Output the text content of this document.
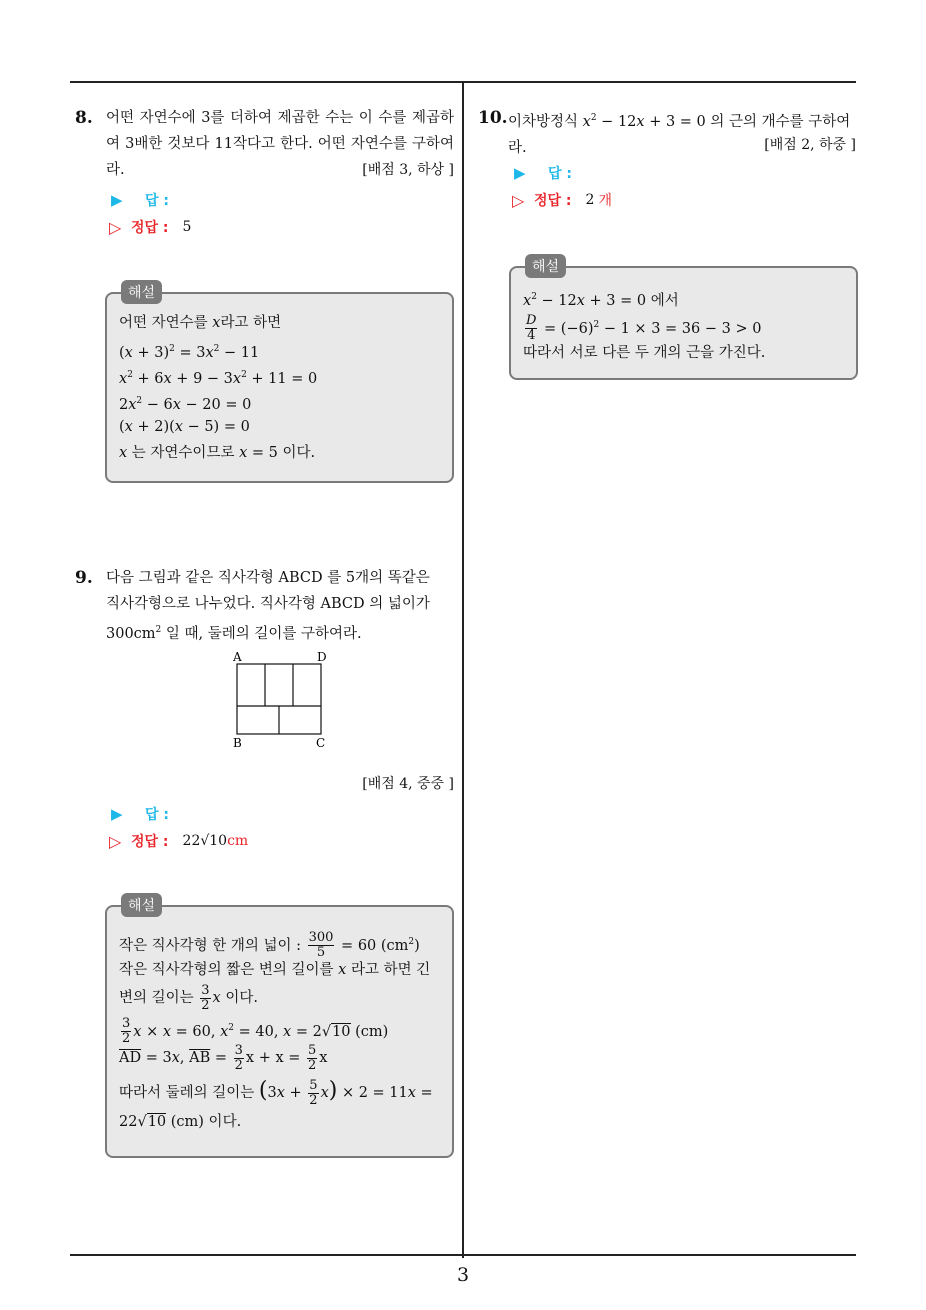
3
8. 어떤 자연수에 3를 더하여 제곱한 수는 이 수를 제곱하여 3배한 것보다 11작다고 한다. 어떤 자연수를 구하여라.	[배점 3, 하상 ]
▶	답 :
▷ 정답 : 5
해설
어떤 자연수를 x라고 하면
$(x + 3)^2 = 3x^2 - 11$
$x^2 + 6x + 9 - 3x^2 + 11 = 0$
$2x^2 - 6x - 20 = 0$
(x + 2)(x − 5) = 0
x 는 자연수이므로 x = 5 이다.
9. 다음 그림과 같은 직사각형 ABCD 를 5개의 똑같은
직사각형으로 나누었다. 직사각형 ABCD 의 넓이가
$300cm^2$ 일 때, 둘레의 길이를 구하여라.
A	D
B	C
[배점 4, 중중 ]
▶	답 :
▷ 정답 : 22√10 cm
해설
작은 직사각형 한 개의 넓이 : $\frac{300}{5} = 60$ $(cm^2)$
작은 직사각형의 짧은 변의 길이를 x 라고 하면 긴
변의 길이는 $\frac{3}{2}$ x 이다.
$\frac{3}{2}$ x × x = 60, $x^2 = 40$, x = 2√10 (cm)
$\overline{AD} = 3x$, $\overline{AB} = \frac{3}{2}$ $x + x = \frac{5}{2}$ x
따라서 둘레의 길이는 $(3x + \frac{5}{2} x) \times 2 = 11x$ =
22√10 (cm) 이다.
10. 이차방정식 $x^2 - 12x + 3 = 0$ 의 근의 개수를 구하여라.	[배점 2, 하중 ]
▶	답 :
▷ 정답 : 2 개
해설
$x^2 - 12x + 3 = 0$ 에서
$\frac{D}{4} = (-6)^2 - 1 \times 3 = 36 - 3 > 0$
따라서 서로 다른 두 개의 근을 가진다.
